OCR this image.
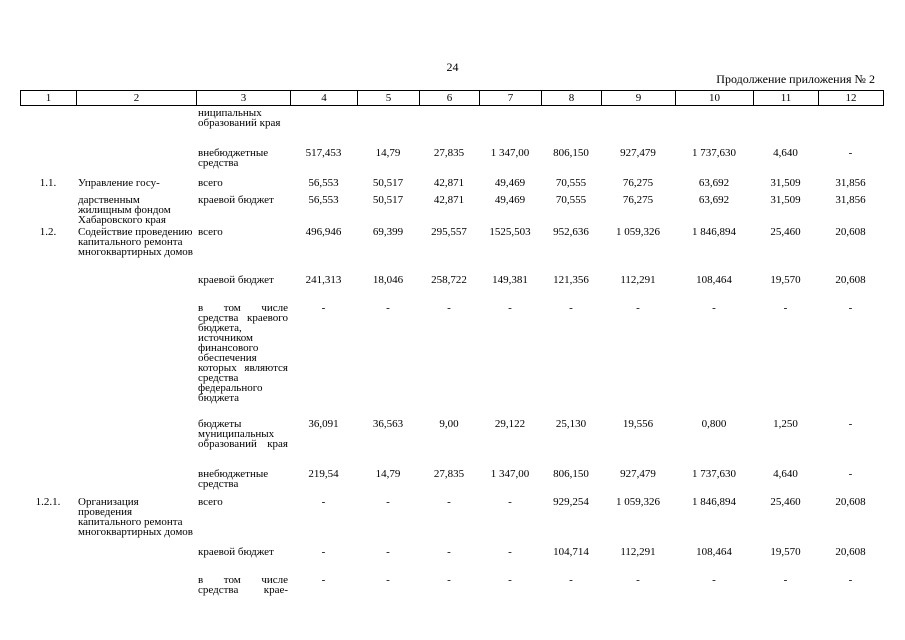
24
Продолжение приложения № 2
1	2	3	4	5	6	7	8	9	10	11	12
		ниципальных образований края									
		внебюджетные средства	517,453	14,79	27,835	1 347,00	806,150	927,479	1 737,630	4,640	-
1.1.	Управление госу-	всего	56,553	50,517	42,871	49,469	70,555	76,275	63,692	31,509	31,856
	дарственным жилищным фондом Хабаровского края	краевой бюджет	56,553	50,517	42,871	49,469	70,555	76,275	63,692	31,509	31,856
1.2.	Содействие проведению капитального ремонта многоквартирных домов	всего	496,946	69,399	295,557	1525,503	952,636	1 059,326	1 846,894	25,460	20,608
		краевой бюджет	241,313	18,046	258,722	149,381	121,356	112,291	108,464	19,570	20,608
		в том числе средства краевого бюджета, источником финансового обеспечения которых являются средства федерального бюджета	-	-	-	-	-	-	-	-	-
		бюджеты муниципальных образований края	36,091	36,563	9,00	29,122	25,130	19,556	0,800	1,250	-
		внебюджетные средства	219,54	14,79	27,835	1 347,00	806,150	927,479	1 737,630	4,640	-
1.2.1.	Организация проведения капитального ремонта многоквартирных домов	всего	-	-	-	-	929,254	1 059,326	1 846,894	25,460	20,608
		краевой бюджет	-	-	-	-	104,714	112,291	108,464	19,570	20,608
		в том числе средства крае-	-	-	-	-	-	-	-	-	-
